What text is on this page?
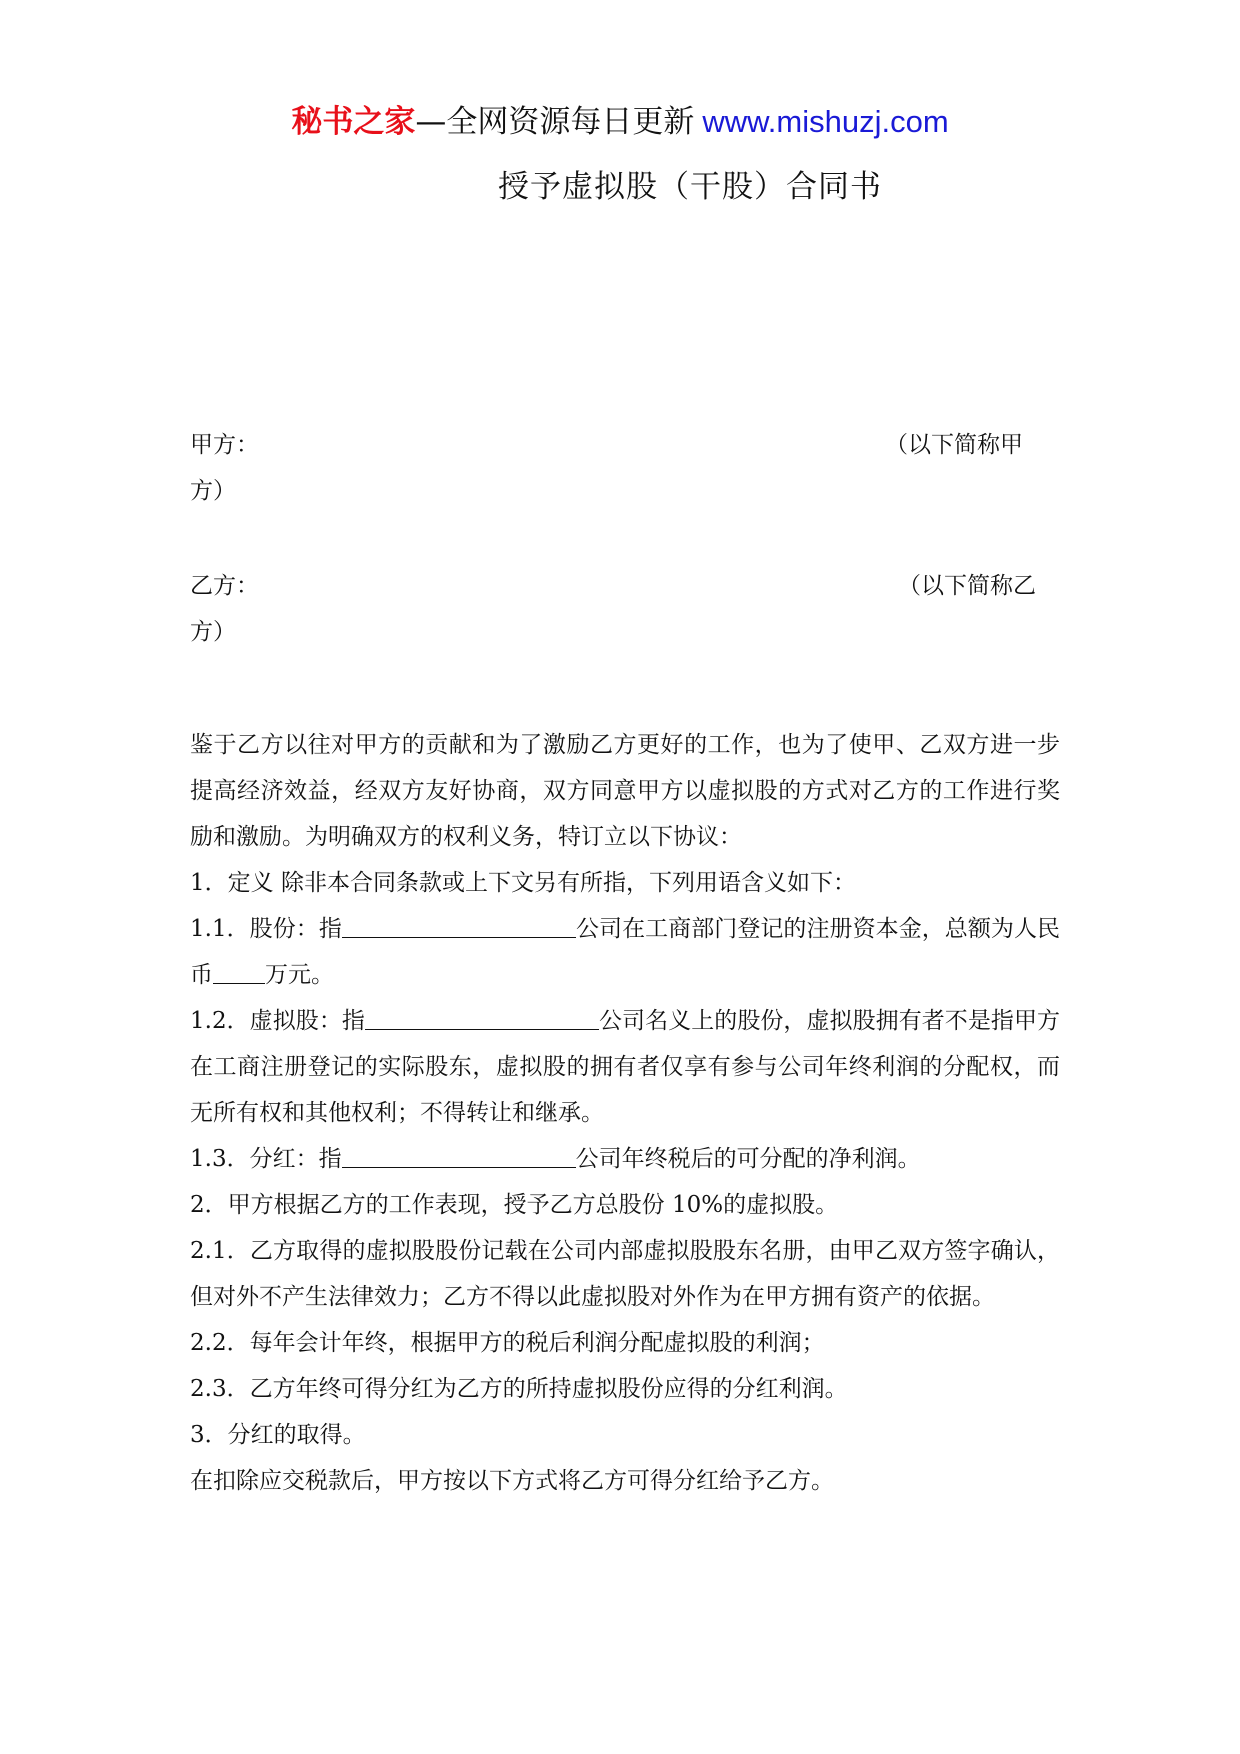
秘书之家—全网资源每日更新 www.mishuzj.com
授予虚拟股（干股）合同书
甲方：	（以下简称甲
方）
乙方：	（以下简称乙
方）

鉴于乙方以往对甲方的贡献和为了激励乙方更好的工作，也为了使甲、乙双方进一步提高经济效益，经双方友好协商，双方同意甲方以虚拟股的方式对乙方的工作进行奖励和激励。为明确双方的权利义务，特订立以下协议：

1．定义 除非本合同条款或上下文另有所指，下列用语含义如下：

1.1．股份：指	公司在工商部门登记的注册资本金，总额为人民币 万元。

1.2．虚拟股：指	公司名义上的股份，虚拟股拥有者不是指甲方在工商注册登记的实际股东，虚拟股的拥有者仅享有参与公司年终利润的分配权，而无所有权和其他权利；不得转让和继承。

1.3．分红：指	公司年终税后的可分配的净利润。

2．甲方根据乙方的工作表现，授予乙方总股份 10%的虚拟股。

2.1．乙方取得的虚拟股股份记载在公司内部虚拟股股东名册，由甲乙双方签字确认，但对外不产生法律效力；乙方不得以此虚拟股对外作为在甲方拥有资产的依据。

2.2．每年会计年终，根据甲方的税后利润分配虚拟股的利润；

2.3．乙方年终可得分红为乙方的所持虚拟股份应得的分红利润。

3．分红的取得。

在扣除应交税款后，甲方按以下方式将乙方可得分红给予乙方。
